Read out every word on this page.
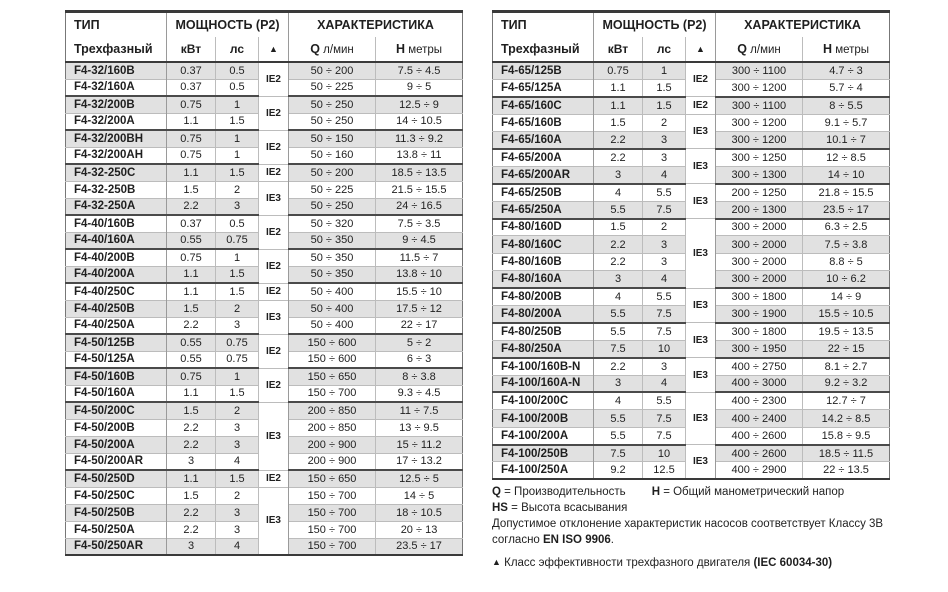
ТИП
Трехфазный	МОЩНОСТЬ (P2)			ХАРАКТЕРИСТИКА	
	кВт	лс	▲	Q л/мин	H метры
F4-32/160B	0.37	0.5	IE2	50 ÷ 200	7.5 ÷ 4.5
F4-32/160A	0.37	0.5		50 ÷ 225	9 ÷ 5
F4-32/200B	0.75	1	IE2	50 ÷ 250	12.5 ÷ 9
F4-32/200A	1.1	1.5		50 ÷ 250	14 ÷ 10.5
F4-32/200BH	0.75	1	IE2	50 ÷ 150	11.3 ÷ 9.2
F4-32/200AH	0.75	1		50 ÷ 160	13.8 ÷ 11
F4-32-250C	1.1	1.5	IE2	50 ÷ 200	18.5 ÷ 13.5
F4-32-250B	1.5	2	IE3	50 ÷ 225	21.5 ÷ 15.5
F4-32-250A	2.2	3		50 ÷ 250	24 ÷ 16.5
F4-40/160B	0.37	0.5	IE2	50 ÷ 320	7.5 ÷ 3.5
F4-40/160A	0.55	0.75		50 ÷ 350	9 ÷ 4.5
F4-40/200B	0.75	1	IE2	50 ÷ 350	11.5 ÷ 7
F4-40/200A	1.1	1.5		50 ÷ 350	13.8 ÷ 10
F4-40/250C	1.1	1.5	IE2	50 ÷ 400	15.5 ÷ 10
F4-40/250B	1.5	2	IE3	50 ÷ 400	17.5 ÷ 12
F4-40/250A	2.2	3		50 ÷ 400	22 ÷ 17
F4-50/125B	0.55	0.75	IE2	150 ÷ 600	5 ÷ 2
F4-50/125A	0.55	0.75		150 ÷ 600	6 ÷ 3
F4-50/160B	0.75	1	IE2	150 ÷ 650	8 ÷ 3.8
F4-50/160A	1.1	1.5		150 ÷ 700	9.3 ÷ 4.5
F4-50/200C	1.5	2	IE3	200 ÷ 850	11 ÷ 7.5
F4-50/200B	2.2	3		200 ÷ 850	13 ÷ 9.5
F4-50/200A	2.2	3		200 ÷ 900	15 ÷ 11.2
F4-50/200AR	3	4		200 ÷ 900	17 ÷ 13.2
F4-50/250D	1.1	1.5	IE2	150 ÷ 650	12.5 ÷ 5
F4-50/250C	1.5	2	IE3	150 ÷ 700	14 ÷ 5
F4-50/250B	2.2	3		150 ÷ 700	18 ÷ 10.5
F4-50/250A	2.2	3		150 ÷ 700	20 ÷ 13
F4-50/250AR	3	4		150 ÷ 700	23.5 ÷ 17
ТИП
Трехфазный	МОЩНОСТЬ (P2)			ХАРАКТЕРИСТИКА	
	кВт	лс	▲	Q л/мин	H метры
F4-65/125B	0.75	1	IE2	300 ÷ 1100	4.7 ÷ 3
F4-65/125A	1.1	1.5		300 ÷ 1200	5.7 ÷ 4
F4-65/160C	1.1	1.5	IE2	300 ÷ 1100	8 ÷ 5.5
F4-65/160B	1.5	2	IE3	300 ÷ 1200	9.1 ÷ 5.7
F4-65/160A	2.2	3		300 ÷ 1200	10.1 ÷ 7
F4-65/200A	2.2	3	IE3	300 ÷ 1250	12 ÷ 8.5
F4-65/200AR	3	4		300 ÷ 1300	14 ÷ 10
F4-65/250B	4	5.5	IE3	200 ÷ 1250	21.8 ÷ 15.5
F4-65/250A	5.5	7.5		200 ÷ 1300	23.5 ÷ 17
F4-80/160D	1.5	2	IE3	300 ÷ 2000	6.3 ÷ 2.5
F4-80/160C	2.2	3		300 ÷ 2000	7.5 ÷ 3.8
F4-80/160B	2.2	3		300 ÷ 2000	8.8 ÷ 5
F4-80/160A	3	4		300 ÷ 2000	10 ÷ 6.2
F4-80/200B	4	5.5	IE3	300 ÷ 1800	14 ÷ 9
F4-80/200A	5.5	7.5		300 ÷ 1900	15.5 ÷ 10.5
F4-80/250B	5.5	7.5	IE3	300 ÷ 1800	19.5 ÷ 13.5
F4-80/250A	7.5	10		300 ÷ 1950	22 ÷ 15
F4-100/160B-N	2.2	3	IE3	400 ÷ 2750	8.1 ÷ 2.7
F4-100/160A-N	3	4		400 ÷ 3000	9.2 ÷ 3.2
F4-100/200C	4	5.5	IE3	400 ÷ 2300	12.7 ÷ 7
F4-100/200B	5.5	7.5		400 ÷ 2400	14.2 ÷ 8.5
F4-100/200A	5.5	7.5		400 ÷ 2600	15.8 ÷ 9.5
F4-100/250B	7.5	10	IE3	400 ÷ 2600	18.5 ÷ 11.5
F4-100/250A	9.2	12.5		400 ÷ 2900	22 ÷ 13.5
Q = Производительность H = Общий манометрический напор
HS = Высота всасывания
Допустимое отклонение характеристик насосов соответствует Классу 3B
согласно EN ISO 9906.
▲ Класс эффективности трехфазного двигателя (IEC 60034-30)
